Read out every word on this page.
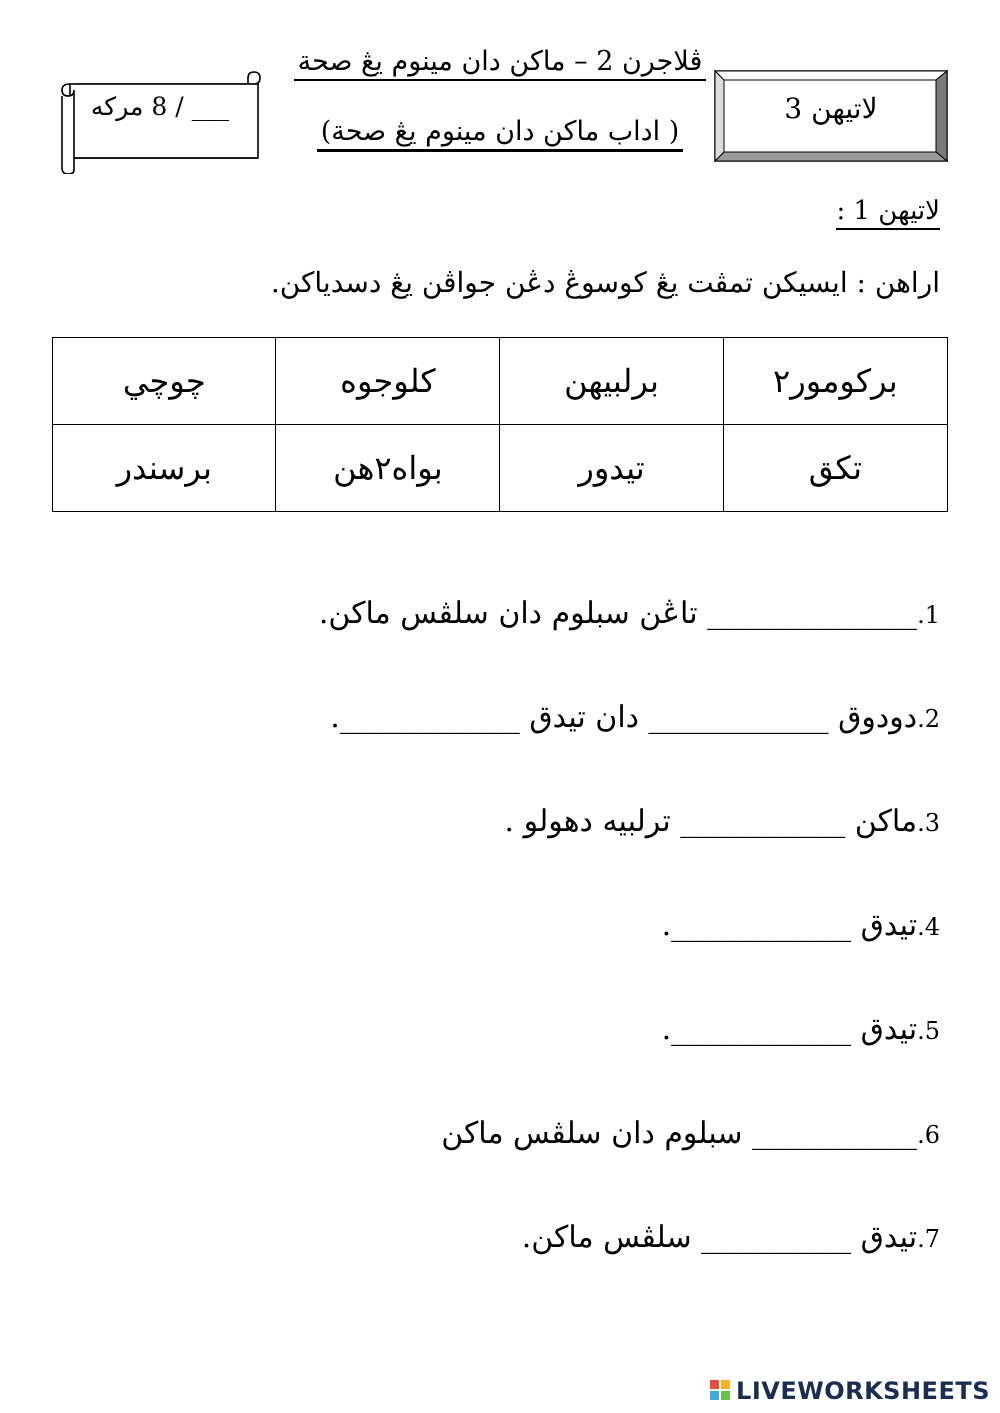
___ / 8 مركه
ڤلاجرن 2 – ماكن دان مينوم يڠ صحة
( اداب ماكن دان مينوم يڠ صحة)
لاتيهن 3
لاتيهن 1 :
اراهن : ايسيكن تمڤت يڠ كوسوڠ دڠن جواڤن يڠ دسدياكن.
بركومور٢	برلبيهن	كلوجوه	چوچي
تكق	تيدور	بواه٢هن	برسندر
1.______________ تاڠن سبلوم دان سلڤس ماكن.
2.دودوق ____________ دان تيدق ____________.
3.ماكن ___________ ترلبيه دهولو .
4.تيدق ____________.
5.تيدق ____________.
6.___________ سبلوم دان سلڤس ماكن
7.تيدق __________ سلڤس ماكن.
LIVEWORKSHEETS
